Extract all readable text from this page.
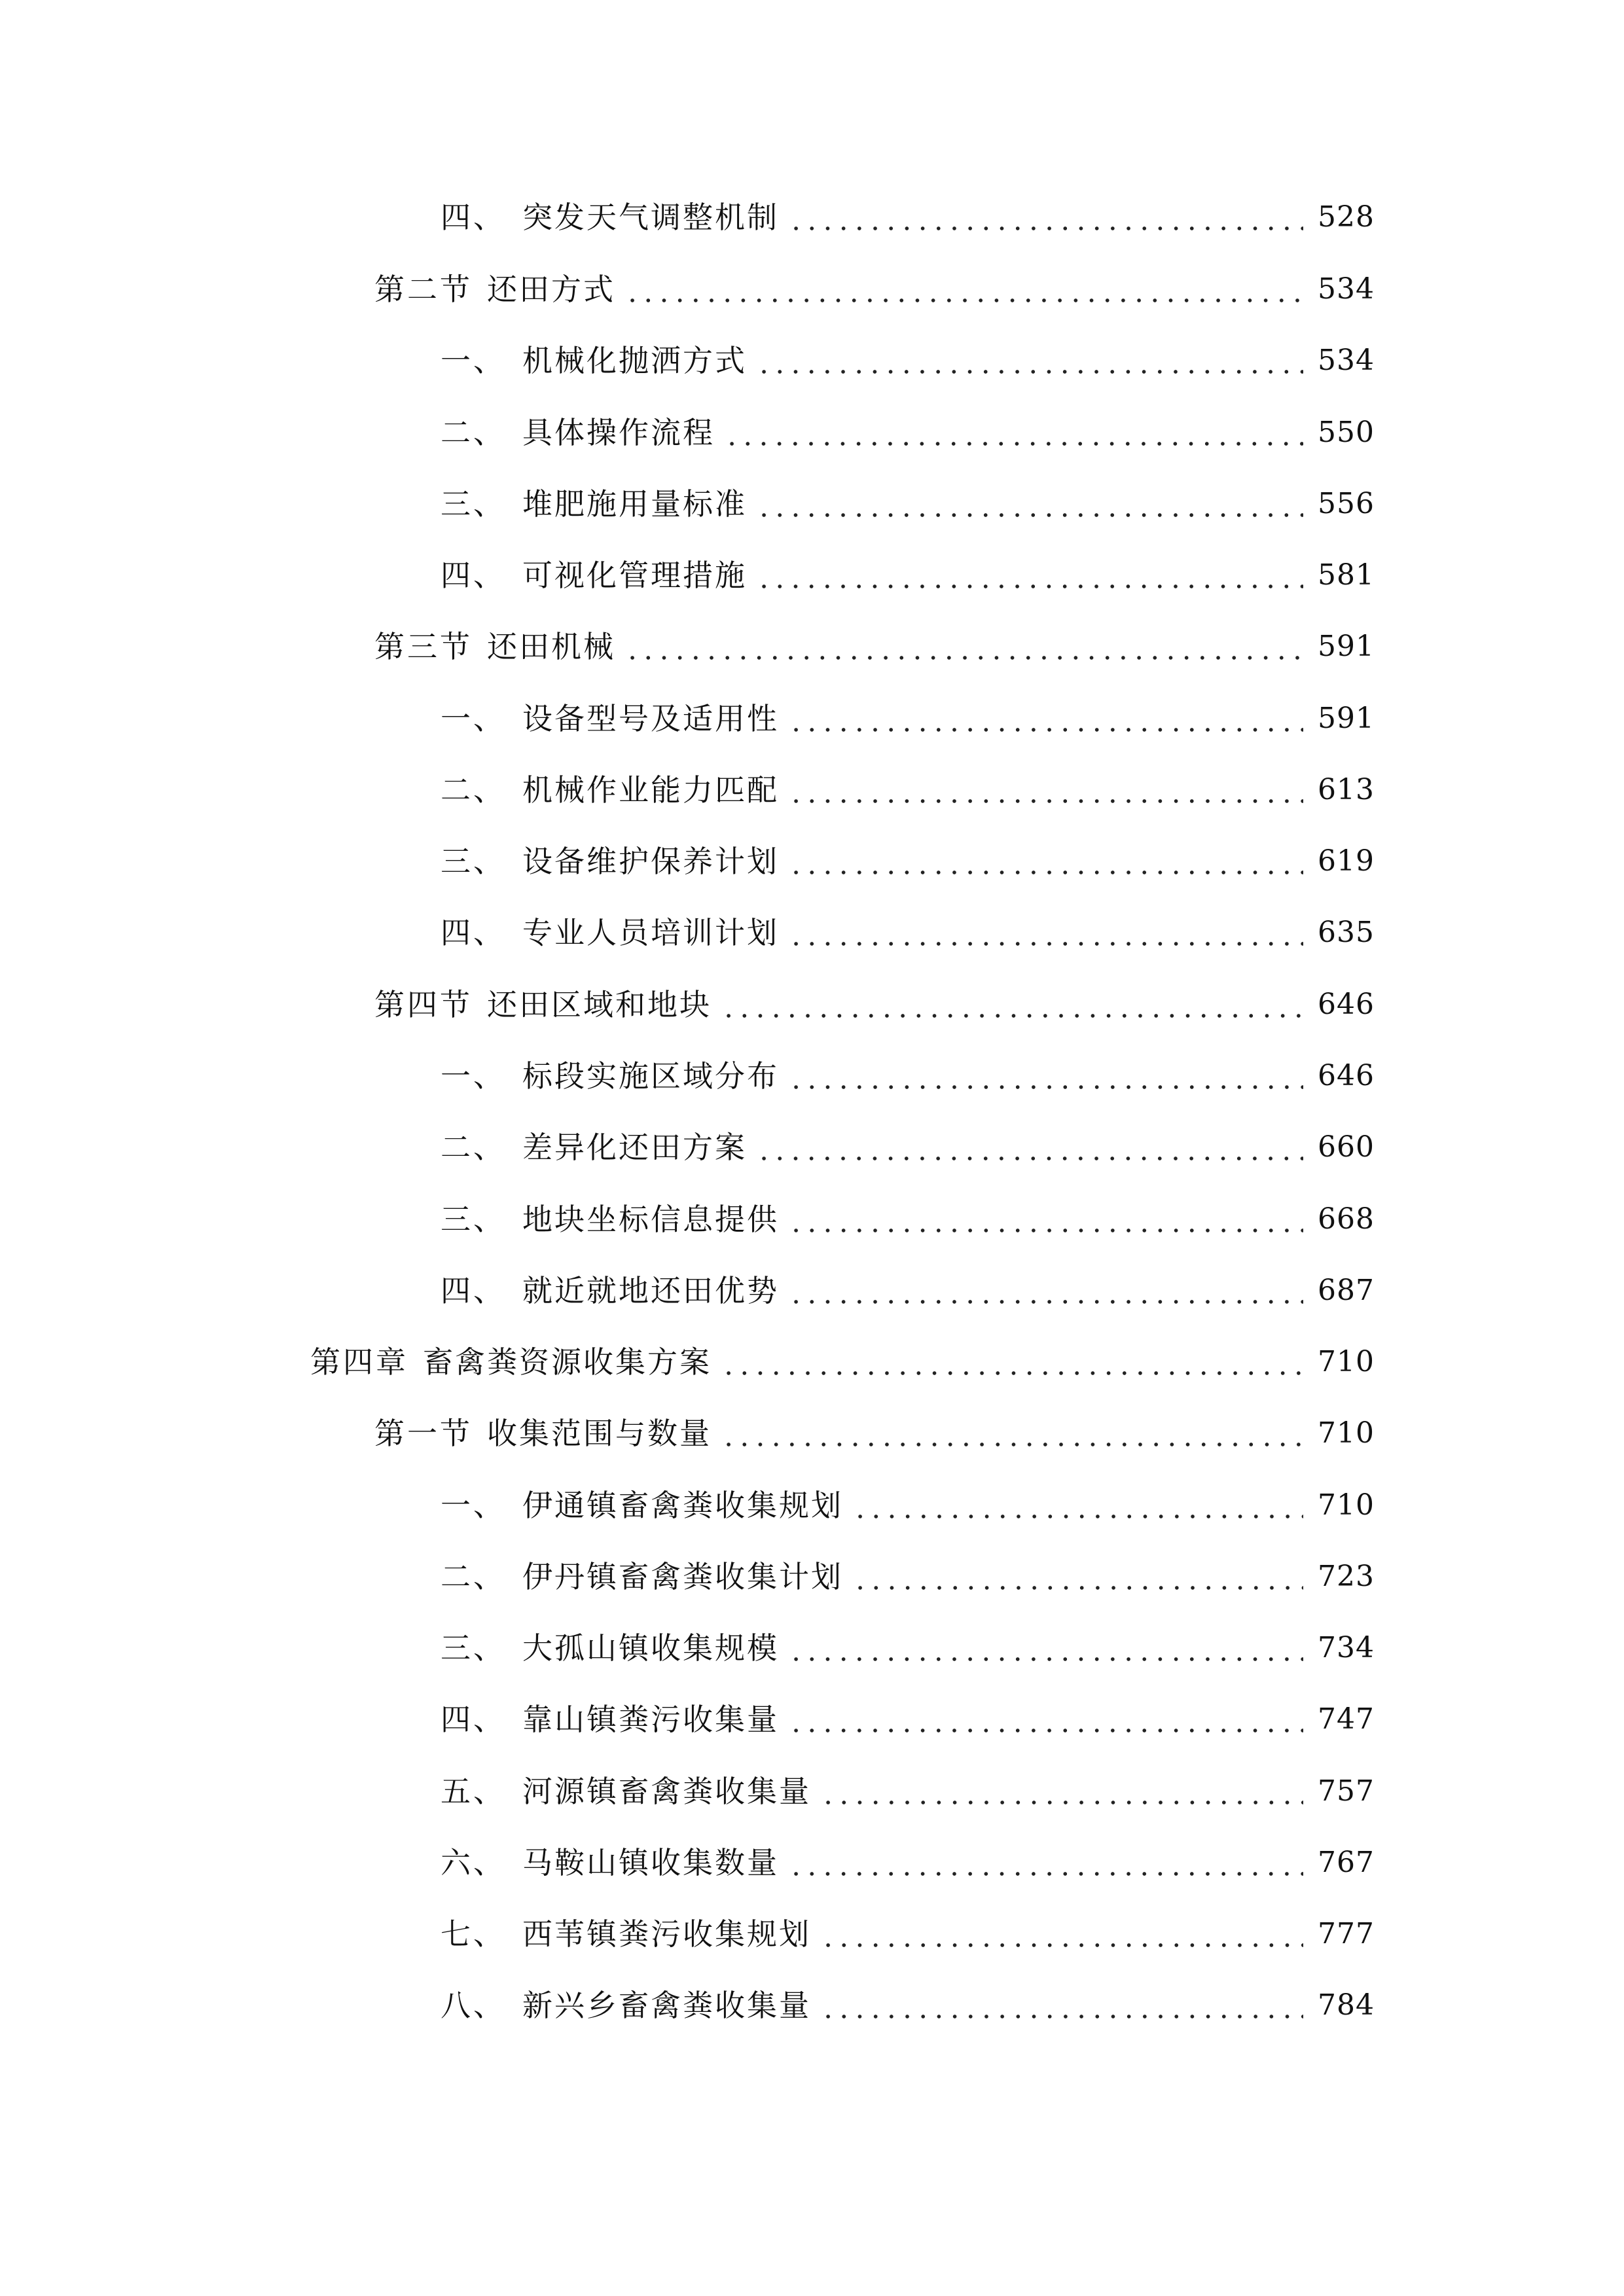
四、 突发天气调整机制	528
第二节 还田方式	534
一、 机械化抛洒方式	534
二、 具体操作流程	550
三、 堆肥施用量标准	556
四、 可视化管理措施	581
第三节 还田机械	591
一、 设备型号及适用性	591
二、 机械作业能力匹配	613
三、 设备维护保养计划	619
四、 专业人员培训计划	635
第四节 还田区域和地块	646
一、 标段实施区域分布	646
二、 差异化还田方案	660
三、 地块坐标信息提供	668
四、 就近就地还田优势	687
第四章 畜禽粪资源收集方案	710
第一节 收集范围与数量	710
一、 伊通镇畜禽粪收集规划	710
二、 伊丹镇畜禽粪收集计划	723
三、 大孤山镇收集规模	734
四、 靠山镇粪污收集量	747
五、 河源镇畜禽粪收集量	757
六、 马鞍山镇收集数量	767
七、 西苇镇粪污收集规划	777
八、 新兴乡畜禽粪收集量	784
